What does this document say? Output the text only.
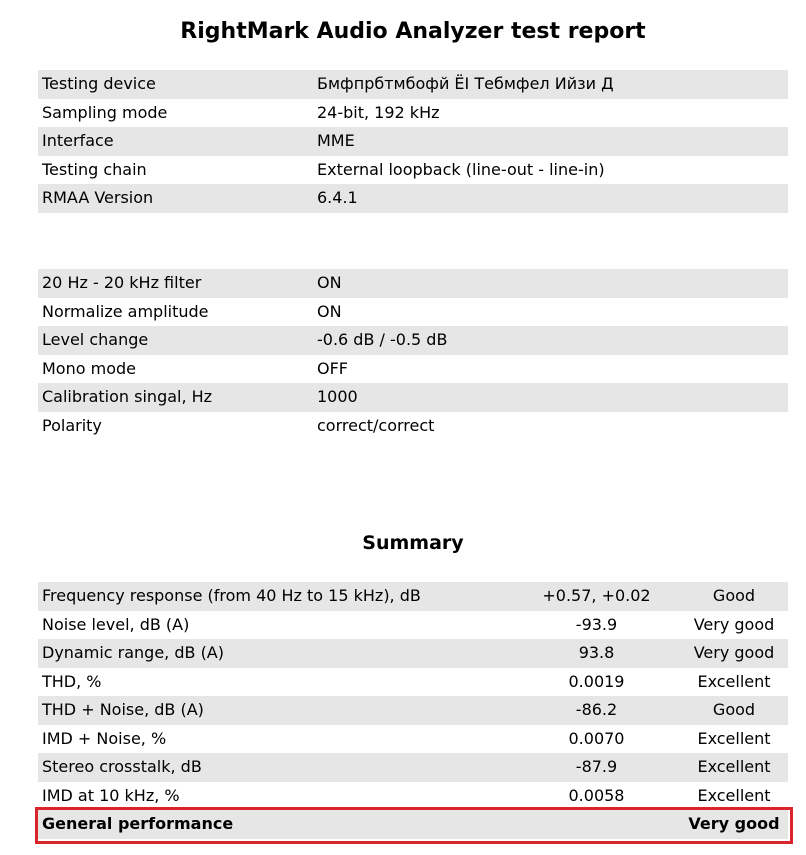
RightMark Audio Analyzer test report
Testing device	Бмфпрбтмбофй ЁІ Тебмфел Ийзи Д
Sampling mode	24-bit, 192 kHz
Interface	MME
Testing chain	External loopback (line-out - line-in)
RMAA Version	6.4.1
20 Hz - 20 kHz filter	ON
Normalize amplitude	ON
Level change	-0.6 dB / -0.5 dB
Mono mode	OFF
Calibration singal, Hz	1000
Polarity	correct/correct
Summary
Frequency response (from 40 Hz to 15 kHz), dB	+0.57, +0.02	Good
Noise level, dB (A)	-93.9	Very good
Dynamic range, dB (A)	93.8	Very good
THD, %	0.0019	Excellent
THD + Noise, dB (A)	-86.2	Good
IMD + Noise, %	0.0070	Excellent
Stereo crosstalk, dB	-87.9	Excellent
IMD at 10 kHz, %	0.0058	Excellent
General performance		Very good
